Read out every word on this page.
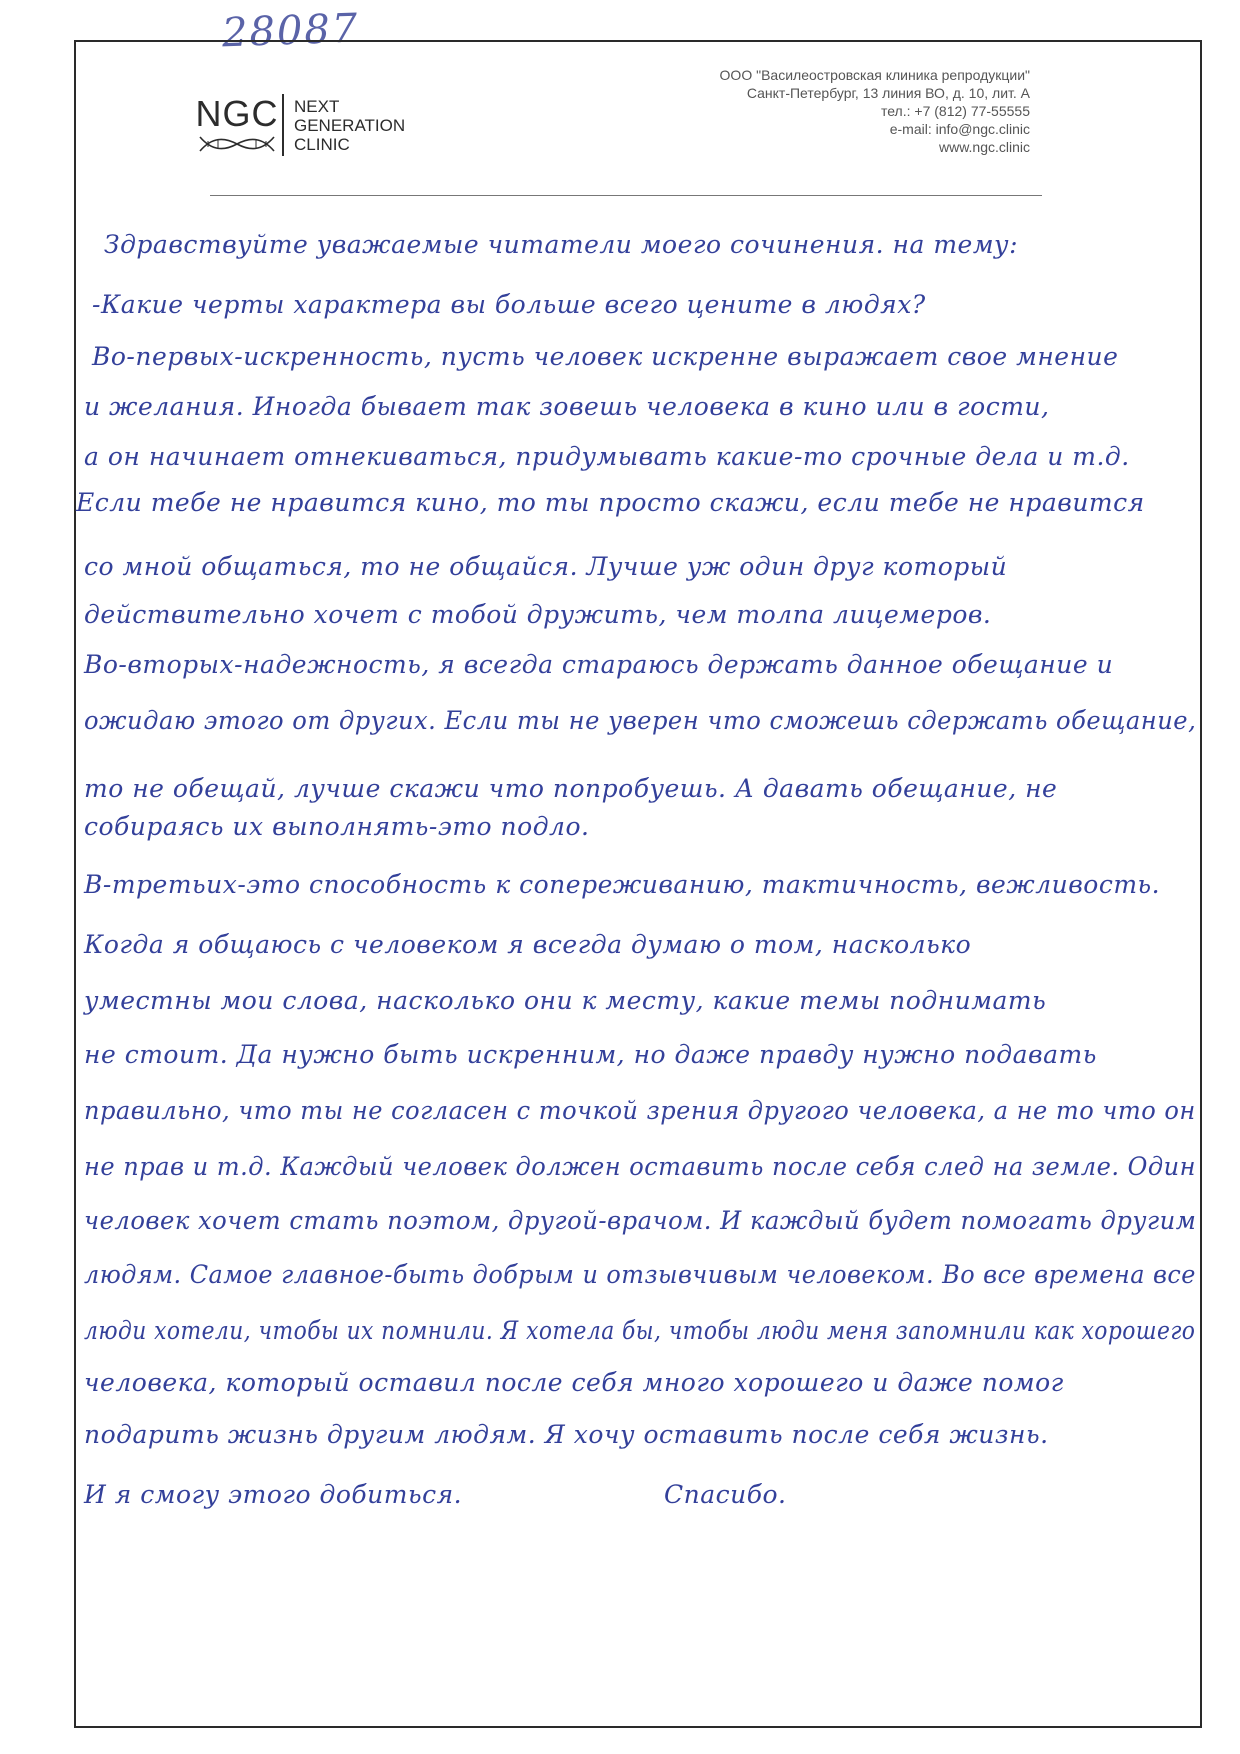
28087
NGC NEXT
GENERATION
CLINIC
ООО "Василеостровская клиника репродукции"
Санкт-Петербург, 13 линия ВО, д. 10, лит. А
тел.: +7 (812) 77-55555
e-mail: info@ngc.clinic
www.ngc.clinic
Здравствуйте уважаемые читатели моего сочинения. на тему:
-Какие черты характера вы больше всего цените в людях?
Во-первых-искренность, пусть человек искренне выражает свое мнение
и желания. Иногда бывает так зовешь человека в кино или в гости,
а он начинает отнекиваться, придумывать какие-то срочные дела и т.д.
Если тебе не нравится кино, то ты просто скажи, если тебе не нравится
со мной общаться, то не общайся. Лучше уж один друг который
действительно хочет с тобой дружить, чем толпа лицемеров.
Во-вторых-надежность, я всегда стараюсь держать данное обещание и
ожидаю этого от других. Если ты не уверен что сможешь сдержать обещание,
то не обещай, лучше скажи что попробуешь. А давать обещание, не
собираясь их выполнять-это подло.
В-третьих-это способность к сопереживанию, тактичность, вежливость.
Когда я общаюсь с человеком я всегда думаю о том, насколько
уместны мои слова, насколько они к месту, какие темы поднимать
не стоит. Да нужно быть искренним, но даже правду нужно подавать
правильно, что ты не согласен с точкой зрения другого человека, а не то что он
не прав и т.д. Каждый человек должен оставить после себя след на земле. Один
человек хочет стать поэтом, другой-врачом. И каждый будет помогать другим
людям. Самое главное-быть добрым и отзывчивым человеком. Во все времена все
люди хотели, чтобы их помнили. Я хотела бы, чтобы люди меня запомнили как хорошего
человека, который оставил после себя много хорошего и даже помог
подарить жизнь другим людям. Я хочу оставить после себя жизнь.
И я смогу этого добиться.	Спасибо.
